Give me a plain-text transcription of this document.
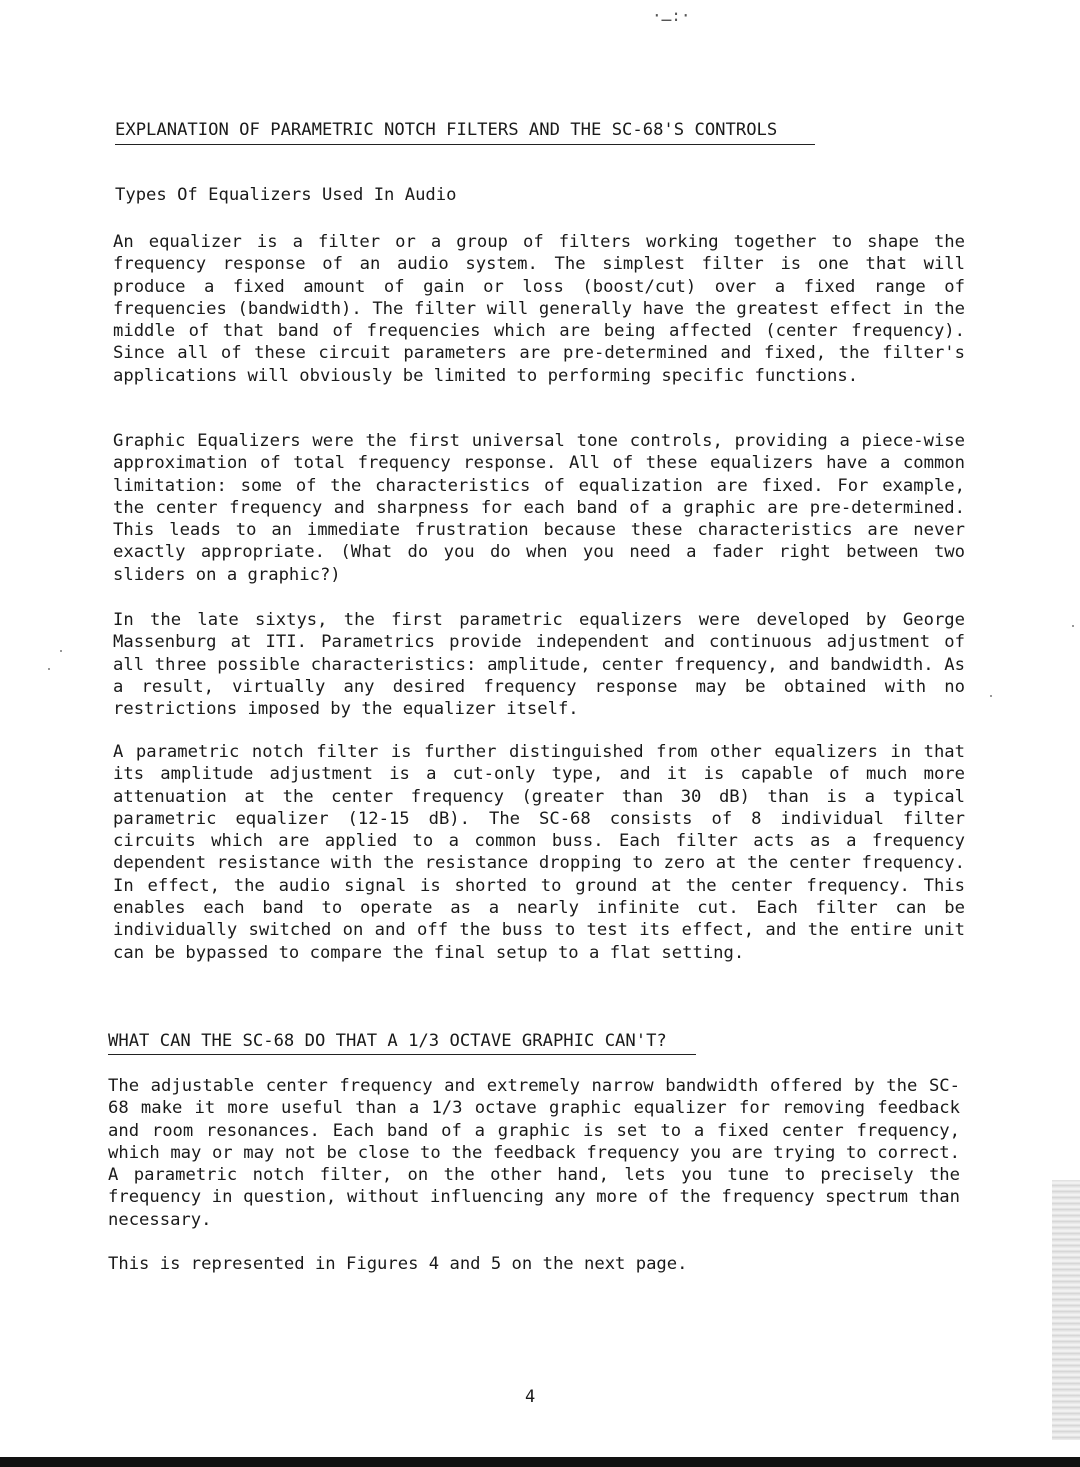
·ـ:·
EXPLANATION OF PARAMETRIC NOTCH FILTERS AND THE SC-68'S CONTROLS
Types Of Equalizers Used In Audio

An equalizer is a filter or a group of filters working together to shape the frequency response of an audio system. The simplest filter is one that will produce a fixed amount of gain or loss (boost/cut) over a fixed range of frequencies (bandwidth). The filter will generally have the greatest effect in the middle of that band of frequencies which are being affected (center frequency). Since all of these circuit parameters are pre-determined and fixed, the filter's applications will obviously be limited to performing specific functions.

Graphic Equalizers were the first universal tone controls, providing a piece-wise approximation of total frequency response. All of these equalizers have a common limitation: some of the characteristics of equalization are fixed. For example, the center frequency and sharpness for each band of a graphic are pre-determined. This leads to an immediate frustration because these characteristics are never exactly appropriate. (What do you do when you need a fader right between two sliders on a graphic?)

In the late sixtys, the first parametric equalizers were developed by George Massenburg at ITI. Parametrics provide independent and continuous adjustment of all three possible characteristics: amplitude, center frequency, and bandwidth. As a result, virtually any desired frequency response may be obtained with no restrictions imposed by the equalizer itself.

A parametric notch filter is further distinguished from other equalizers in that its amplitude adjustment is a cut-only type, and it is capable of much more attenuation at the center frequency (greater than 30 dB) than is a typical parametric equalizer (12-15 dB). The SC-68 consists of 8 individual filter circuits which are applied to a common buss. Each filter acts as a frequency dependent resistance with the resistance dropping to zero at the center frequency. In effect, the audio signal is shorted to ground at the center frequency. This enables each band to operate as a nearly infinite cut. Each filter can be individually switched on and off the buss to test its effect, and the entire unit can be bypassed to compare the final setup to a flat setting.

WHAT CAN THE SC-68 DO THAT A 1/3 OCTAVE GRAPHIC CAN'T?

The adjustable center frequency and extremely narrow bandwidth offered by the SC-68 make it more useful than a 1/3 octave graphic equalizer for removing feedback and room resonances. Each band of a graphic is set to a fixed center frequency, which may or may not be close to the feedback frequency you are trying to correct. A parametric notch filter, on the other hand, lets you tune to precisely the frequency in question, without influencing any more of the frequency spectrum than necessary.

This is represented in Figures 4 and 5 on the next page.

4
